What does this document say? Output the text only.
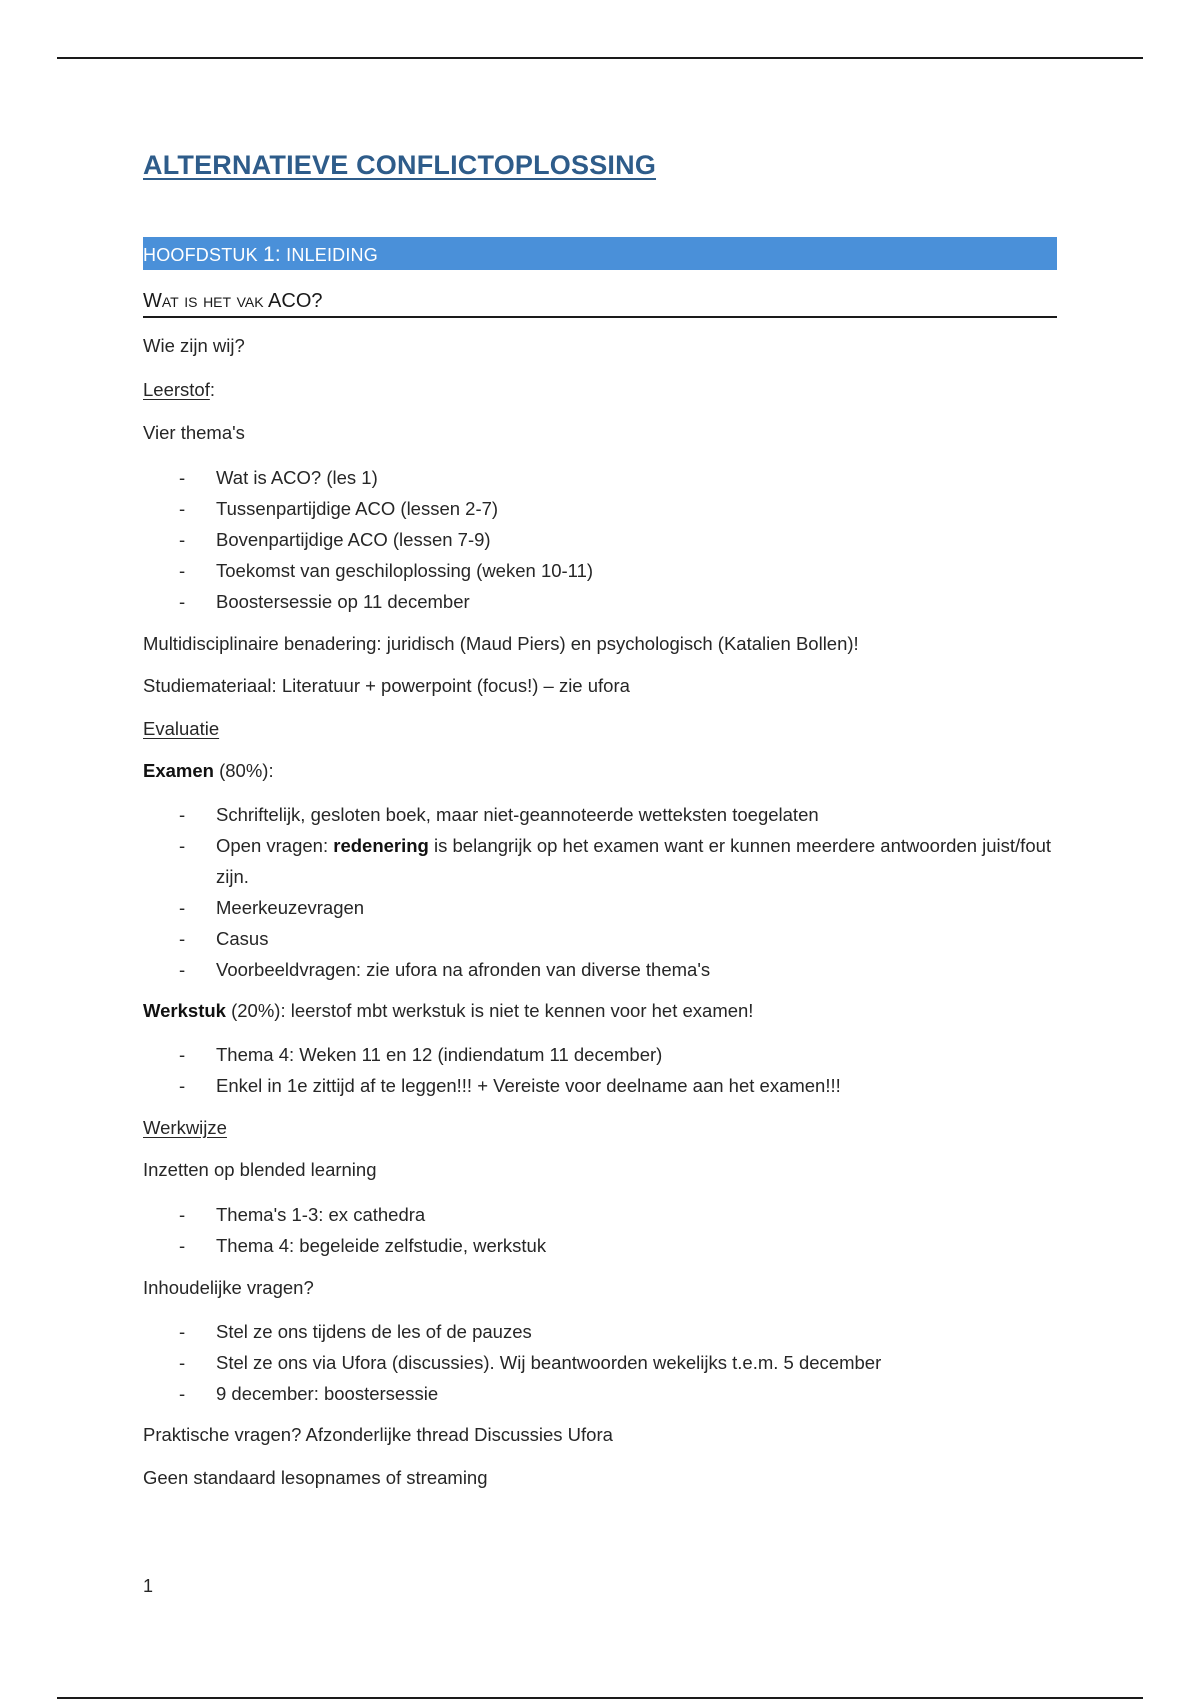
ALTERNATIEVE CONFLICTOPLOSSING
HOOFDSTUK 1: INLEIDING
Wat is het vak ACO?

Wie zijn wij?

Leerstof:

Vier thema's

- Wat is ACO? (les 1)
- Tussenpartijdige ACO (lessen 2-7)
- Bovenpartijdige ACO (lessen 7-9)
- Toekomst van geschiloplossing (weken 10-11)
- Boostersessie op 11 december

Multidisciplinaire benadering: juridisch (Maud Piers) en psychologisch (Katalien Bollen)!

Studiemateriaal: Literatuur + powerpoint (focus!) – zie ufora

Evaluatie

Examen (80%):

- Schriftelijk, gesloten boek, maar niet-geannoteerde wetteksten toegelaten
- Open vragen: redenering is belangrijk op het examen want er kunnen meerdere antwoorden juist/fout zijn.
- Meerkeuzevragen
- Casus
- Voorbeeldvragen: zie ufora na afronden van diverse thema's

Werkstuk (20%): leerstof mbt werkstuk is niet te kennen voor het examen!

- Thema 4: Weken 11 en 12 (indiendatum 11 december)
- Enkel in 1e zittijd af te leggen!!! + Vereiste voor deelname aan het examen!!!

Werkwijze

Inzetten op blended learning

- Thema's 1-3: ex cathedra
- Thema 4: begeleide zelfstudie, werkstuk

Inhoudelijke vragen?

- Stel ze ons tijdens de les of de pauzes
- Stel ze ons via Ufora (discussies). Wij beantwoorden wekelijks t.e.m. 5 december
- 9 december: boostersessie

Praktische vragen? Afzonderlijke thread Discussies Ufora

Geen standaard lesopnames of streaming

1
